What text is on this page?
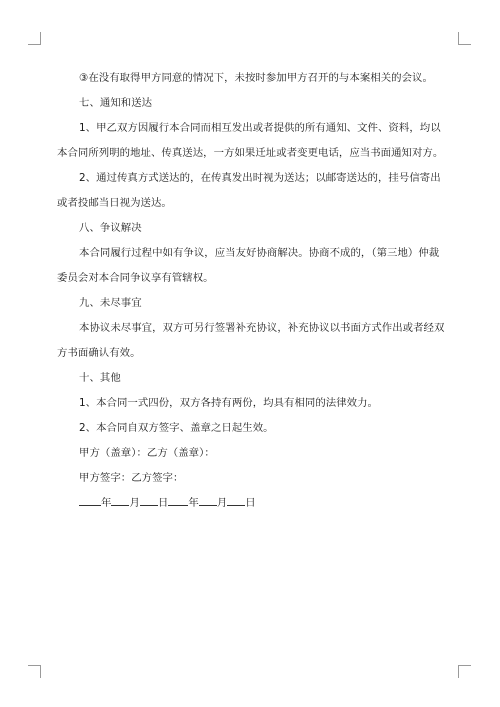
③在没有取得甲方同意的情况下，未按时参加甲方召开的与本案相关的会议。

七、通知和送达

1、甲乙双方因履行本合同而相互发出或者提供的所有通知、文件、资料，均以

本合同所列明的地址、传真送达，一方如果迁址或者变更电话，应当书面通知对方。

2、通过传真方式送达的，在传真发出时视为送达；以邮寄送达的，挂号信寄出

或者投邮当日视为送达。

八、争议解决

本合同履行过程中如有争议，应当友好协商解决。协商不成的，（第三地）仲裁

委员会对本合同争议享有管辖权。

九、未尽事宜

本协议未尽事宜，双方可另行签署补充协议，补充协议以书面方式作出或者经双

方书面确认有效。

十、其他

1、本合同一式四份，双方各持有两份，均具有相同的法律效力。

2、本合同自双方签字、盖章之日起生效。

甲方（盖章）：乙方（盖章）：

甲方签字：乙方签字：

年 月 日 年 月 日
